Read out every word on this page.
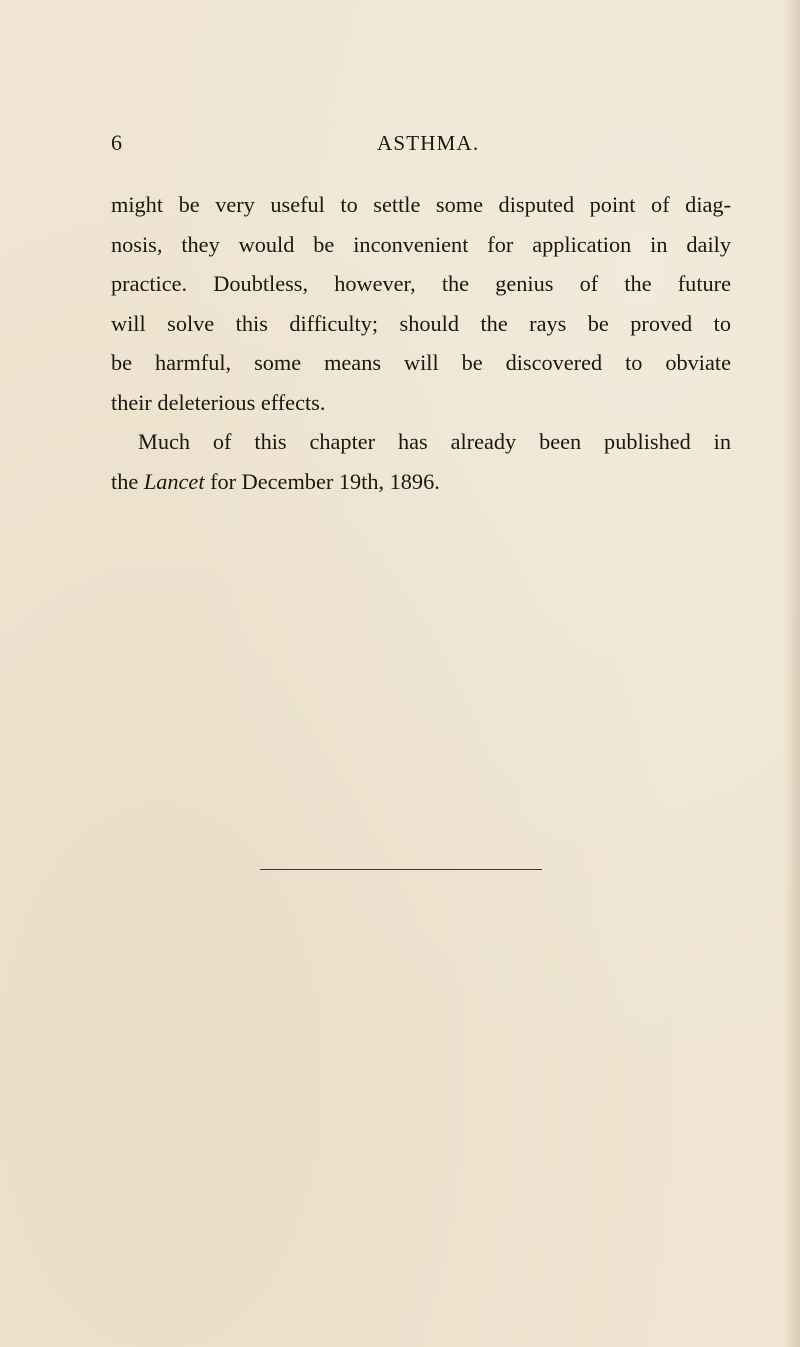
6	ASTHMA.
might be very useful to settle some disputed point of diag-
nosis, they would be inconvenient for application in daily
practice. Doubtless, however, the genius of the future
will solve this difficulty; should the rays be proved to
be harmful, some means will be discovered to obviate
their deleterious effects.
Much of this chapter has already been published in
the Lancet for December 19th, 1896.
